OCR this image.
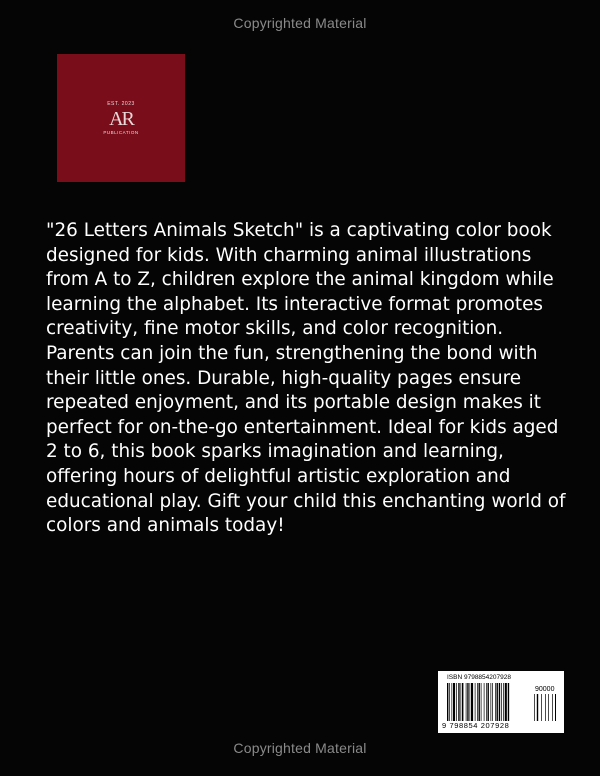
Copyrighted Material
EST. 2023
AR
PUBLICATION

"26 Letters Animals Sketch" is a captivating color book designed for kids. With charming animal illustrations from A to Z, children explore the animal kingdom while learning the alphabet. Its interactive format promotes creativity, fine motor skills, and color recognition. Parents can join the fun, strengthening the bond with their little ones. Durable, high-quality pages ensure repeated enjoyment, and its portable design makes it perfect for on-the-go entertainment. Ideal for kids aged 2 to 6, this book sparks imagination and learning, offering hours of delightful artistic exploration and educational play. Gift your child this enchanting world of colors and animals today!

ISBN 9798854207928
90000
9 798854 207928
Copyrighted Material
